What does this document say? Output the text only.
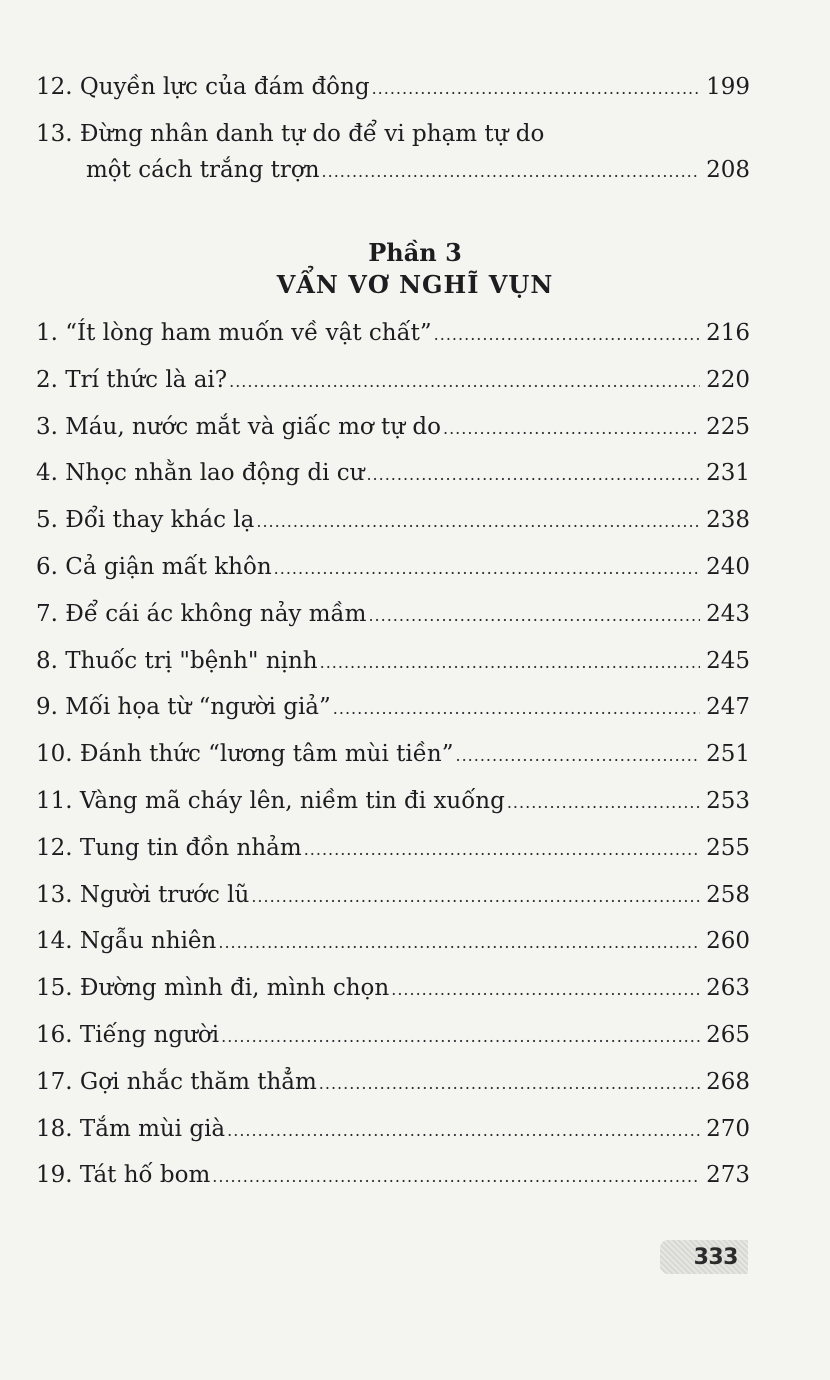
12. Quyền lực của đám đông .....	199
13. Đừng nhân danh tự do để vi phạm tự do
một cách trắng trợn .....	208
Phần 3
VẨN VƠ NGHĨ VỤN
1. “Ít lòng ham muốn về vật chất” .....	216
2. Trí thức là ai? .....	220
3. Máu, nước mắt và giấc mơ tự do .....	225
4. Nhọc nhằn lao động di cư .....	231
5. Đổi thay khác lạ .....	238
6. Cả giận mất khôn .....	240
7. Để cái ác không nảy mầm .....	243
8. Thuốc trị "bệnh" nịnh .....	245
9. Mối họa từ “người giả” .....	247
10. Đánh thức “lương tâm mùi tiền” .....	251
11. Vàng mã cháy lên, niềm tin đi xuống .....	253
12. Tung tin đồn nhảm .....	255
13. Người trước lũ .....	258
14. Ngẫu nhiên .....	260
15. Đường mình đi, mình chọn .....	263
16. Tiếng người .....	265
17. Gợi nhắc thăm thẳm .....	268
18. Tắm mùi già .....	270
19. Tát hố bom .....	273
333
